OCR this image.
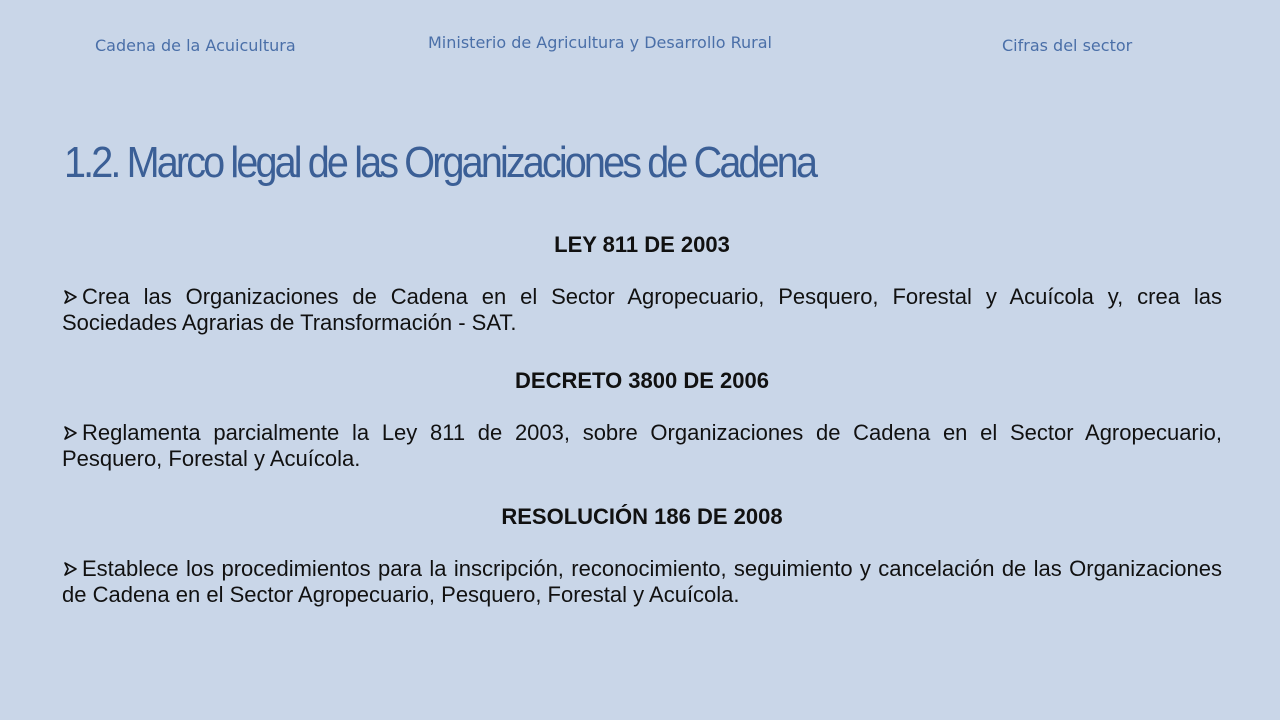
Cadena de la Acuicultura	Ministerio de Agricultura y Desarrollo Rural	Cifras del sector
1.2. Marco legal de las Organizaciones de Cadena

LEY 811 DE 2003

Crea las Organizaciones de Cadena en el Sector Agropecuario, Pesquero, Forestal y Acuícola y, crea las Sociedades Agrarias de Transformación - SAT.

DECRETO 3800 DE 2006

Reglamenta parcialmente la Ley 811 de 2003, sobre Organizaciones de Cadena en el Sector Agropecuario, Pesquero, Forestal y Acuícola.

RESOLUCIÓN 186 DE 2008

Establece los procedimientos para la inscripción, reconocimiento, seguimiento y cancelación de las Organizaciones de Cadena en el Sector Agropecuario, Pesquero, Forestal y Acuícola.
